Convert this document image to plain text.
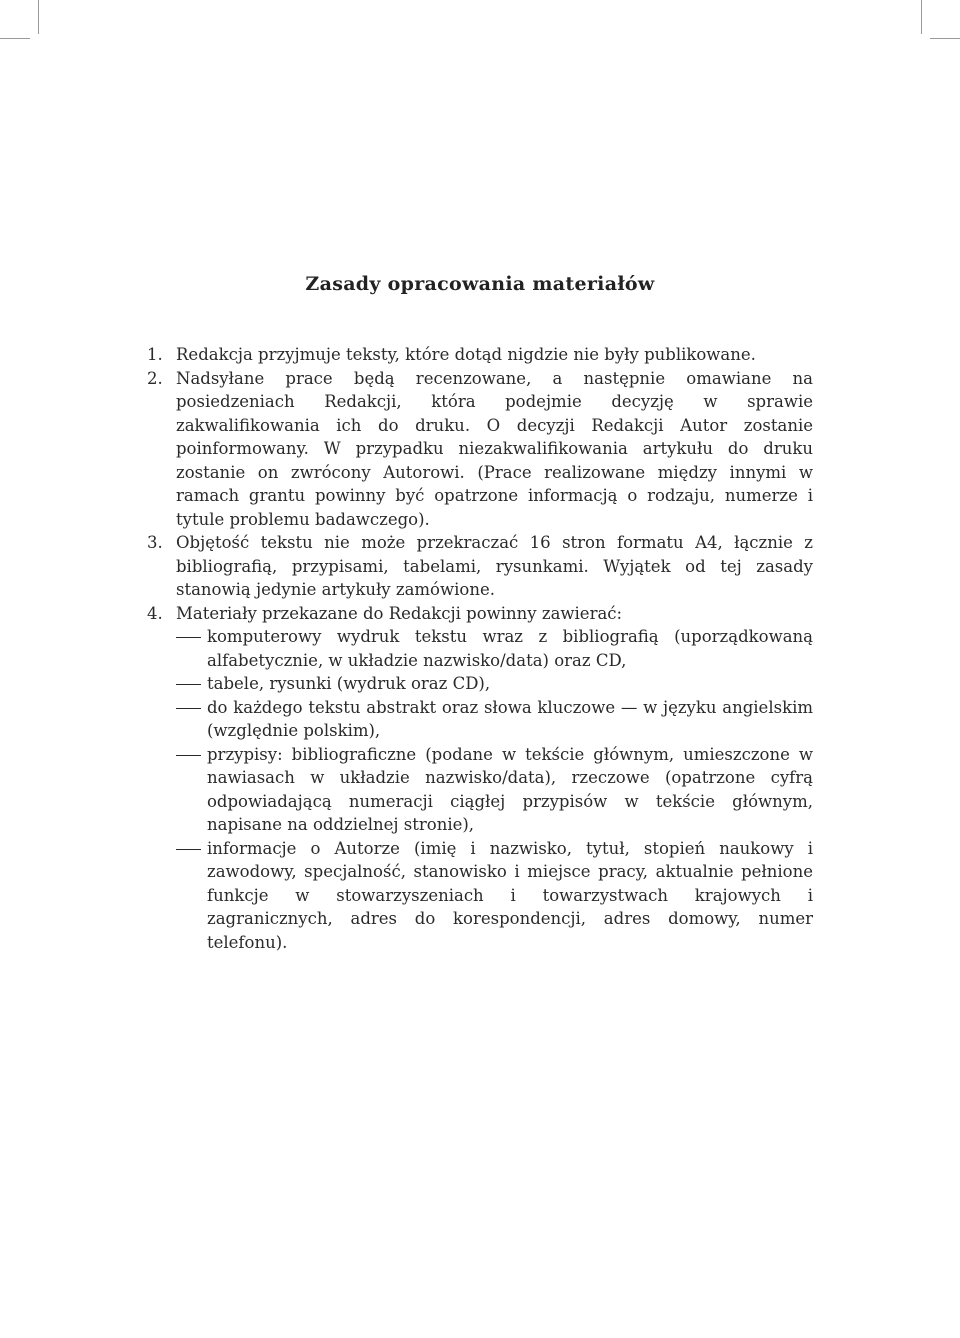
Zasady opracowania materiałów
1. Redakcja przyjmuje teksty, które dotąd nigdzie nie były publikowane.
2. Nadsyłane prace będą recenzowane, a następnie omawiane na posiedzeniach Redakcji, która podejmie decyzję w sprawie zakwalifikowania ich do druku. O decyzji Redakcji Autor zostanie poinformowany. W przypadku niezakwalifikowania artykułu do druku zostanie on zwrócony Autorowi. (Prace realizowane między innymi w ramach grantu powinny być opatrzone informacją o rodzaju, numerze i tytule problemu badawczego).
3. Objętość tekstu nie może przekraczać 16 stron formatu A4, łącznie z bibliografią, przypisami, tabelami, rysunkami. Wyjątek od tej zasady stanowią jedynie artykuły zamówione.
4. Materiały przekazane do Redakcji powinny zawierać:
komputerowy wydruk tekstu wraz z bibliografią (uporządkowaną alfabetycznie, w układzie nazwisko/data) oraz CD,
tabele, rysunki (wydruk oraz CD),
do każdego tekstu abstrakt oraz słowa kluczowe — w języku angielskim (względnie polskim),
przypisy: bibliograficzne (podane w tekście głównym, umieszczone w nawiasach w układzie nazwisko/data), rzeczowe (opatrzone cyfrą odpowiadającą numeracji ciągłej przypisów w tekście głównym, napisane na oddzielnej stronie),
informacje o Autorze (imię i nazwisko, tytuł, stopień naukowy i zawodowy, specjalność, stanowisko i miejsce pracy, aktualnie pełnione funkcje w stowarzyszeniach i towarzystwach krajowych i zagranicznych, adres do korespondencji, adres domowy, numer telefonu).
